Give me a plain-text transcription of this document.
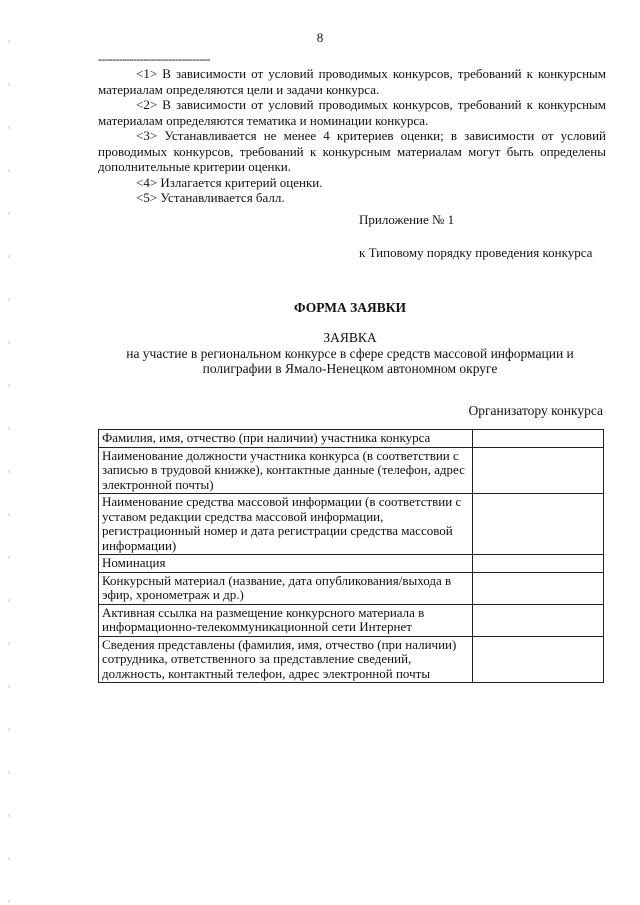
8
--------------------------------

<1> В зависимости от условий проводимых конкурсов, требований к конкурсным материалам определяются цели и задачи конкурса.

<2> В зависимости от условий проводимых конкурсов, требований к конкурсным материалам определяются тематика и номинации конкурса.

<3> Устанавливается не менее 4 критериев оценки; в зависимости от условий проводимых конкурсов, требований к конкурсным материалам могут быть определены дополнительные критерии оценки.

<4> Излагается критерий оценки.

<5> Устанавливается балл.

Приложение № 1
к Типовому порядку проведения конкурса
ФОРМА ЗАЯВКИ
ЗАЯВКА

на участие в региональном конкурсе в сфере средств массовой информации и полиграфии в Ямало-Ненецком автономном округе

Организатору конкурса
Фамилия, имя, отчество (при наличии) участника конкурса	
Наименование должности участника конкурса (в соответствии с записью в трудовой книжке), контактные данные (телефон, адрес электронной почты)	
Наименование средства массовой информации (в соответствии с уставом редакции средства массовой информации, регистрационный номер и дата регистрации средства массовой информации)	
Номинация	
Конкурсный материал (название, дата опубликования/выхода в эфир, хронометраж и др.)	
Активная ссылка на размещение конкурсного материала в информационно-телекоммуникационной сети Интернет	
Сведения представлены (фамилия, имя, отчество (при наличии) сотрудника, ответственного за представление сведений, должность, контактный телефон, адрес электронной почты	
